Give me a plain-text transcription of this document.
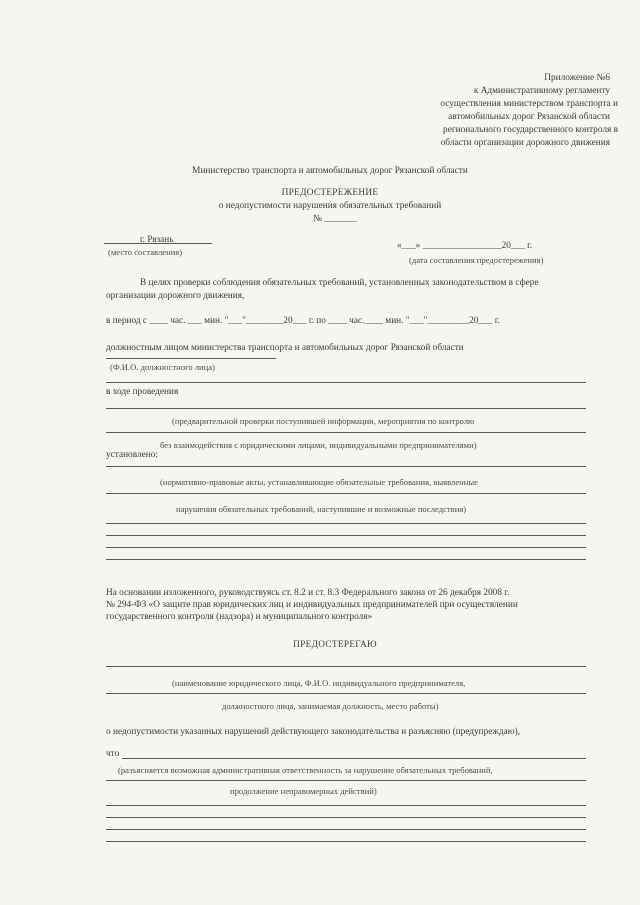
Приложение №6
к Административному регламенту
осуществления министерством транспорта и
автомобильных дорог Рязанской области
регионального государственного контроля в
области организации дорожного движения
Министерство транспорта и автомобильных дорог Рязанской области
ПРЕДОСТЕРЕЖЕНИЕ
о недопустимости нарушения обязательных требований
№ _______
г. Рязань
(место составления)
«___» _________________20___ г.
(дата составления предостережения)
В целях проверки соблюдения обязательных требований, установленных законодательством в сфере
организации дорожного движения,
в период с ____ час. ___ мин. "___"________20___ г. по ____ час.____ мин. "___"_________20___ г.
должностным лицом министерства транспорта и автомобильных дорог Рязанской области
(Ф.И.О. должностного лица)
в ходе проведения
(предварительной проверки поступившей информации, мероприятия по контролю
без взаимодействия с юридическими лицами, индивидуальными предпринимателями)
установлено:
(нормативно-правовые акты, устанавливающие обязательные требования, выявленные
нарушения обязательных требований, наступившие и возможные последствия)
На основании изложенного, руководствуясь ст. 8.2 и ст. 8.3 Федерального закона от 26 декабря 2008 г.
№ 294-ФЗ «О защите прав юридических лиц и индивидуальных предпринимателей при осуществлении
государственного контроля (надзора) и муниципального контроля»
ПРЕДОСТЕРЕГАЮ
(наименование юридического лица, Ф.И.О. индивидуального предпринимателя,
должностного лица, занимаемая должность, место работы)
о недопустимости указанных нарушений действующего законодательства и разъясняю (предупреждаю),
что
(разъясняется возможная административная ответственность за нарушение обязательных требований,
продолжение неправомерных действий)
